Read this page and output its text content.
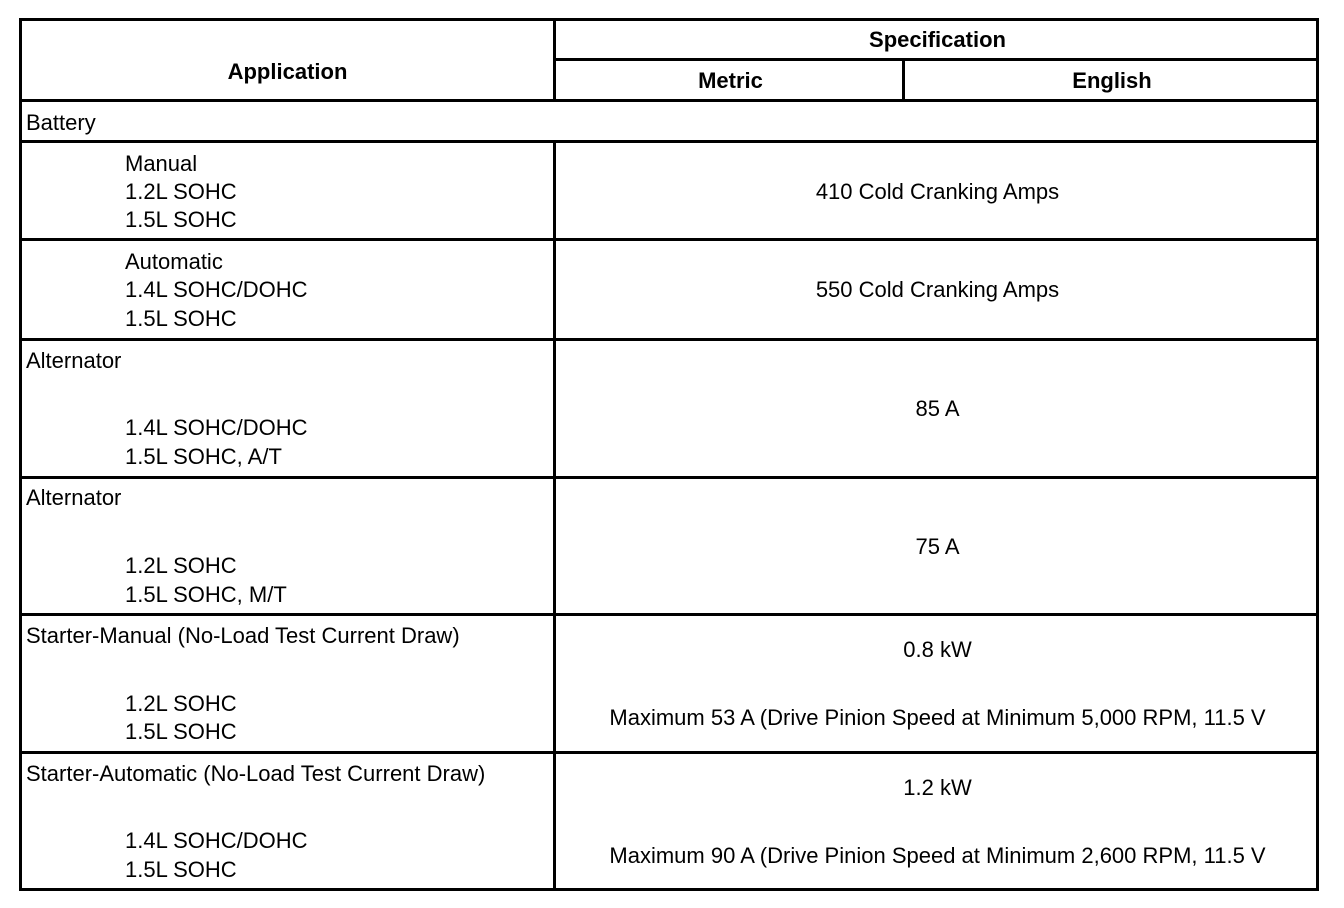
Application
Specification
Metric	English
Battery
Manual
1.2L SOHC
1.5L SOHC
410 Cold Cranking Amps
Automatic
1.4L SOHC/DOHC
1.5L SOHC
550 Cold Cranking Amps
Alternator
1.4L SOHC/DOHC
1.5L SOHC, A/T
85 A
Alternator
1.2L SOHC
1.5L SOHC, M/T
75 A
Starter-Manual (No-Load Test Current Draw)
1.2L SOHC
1.5L SOHC
0.8 kW
Maximum 53 A (Drive Pinion Speed at Minimum 5,000 RPM, 11.5 V
Starter-Automatic (No-Load Test Current Draw)
1.4L SOHC/DOHC
1.5L SOHC
1.2 kW
Maximum 90 A (Drive Pinion Speed at Minimum 2,600 RPM, 11.5 V
